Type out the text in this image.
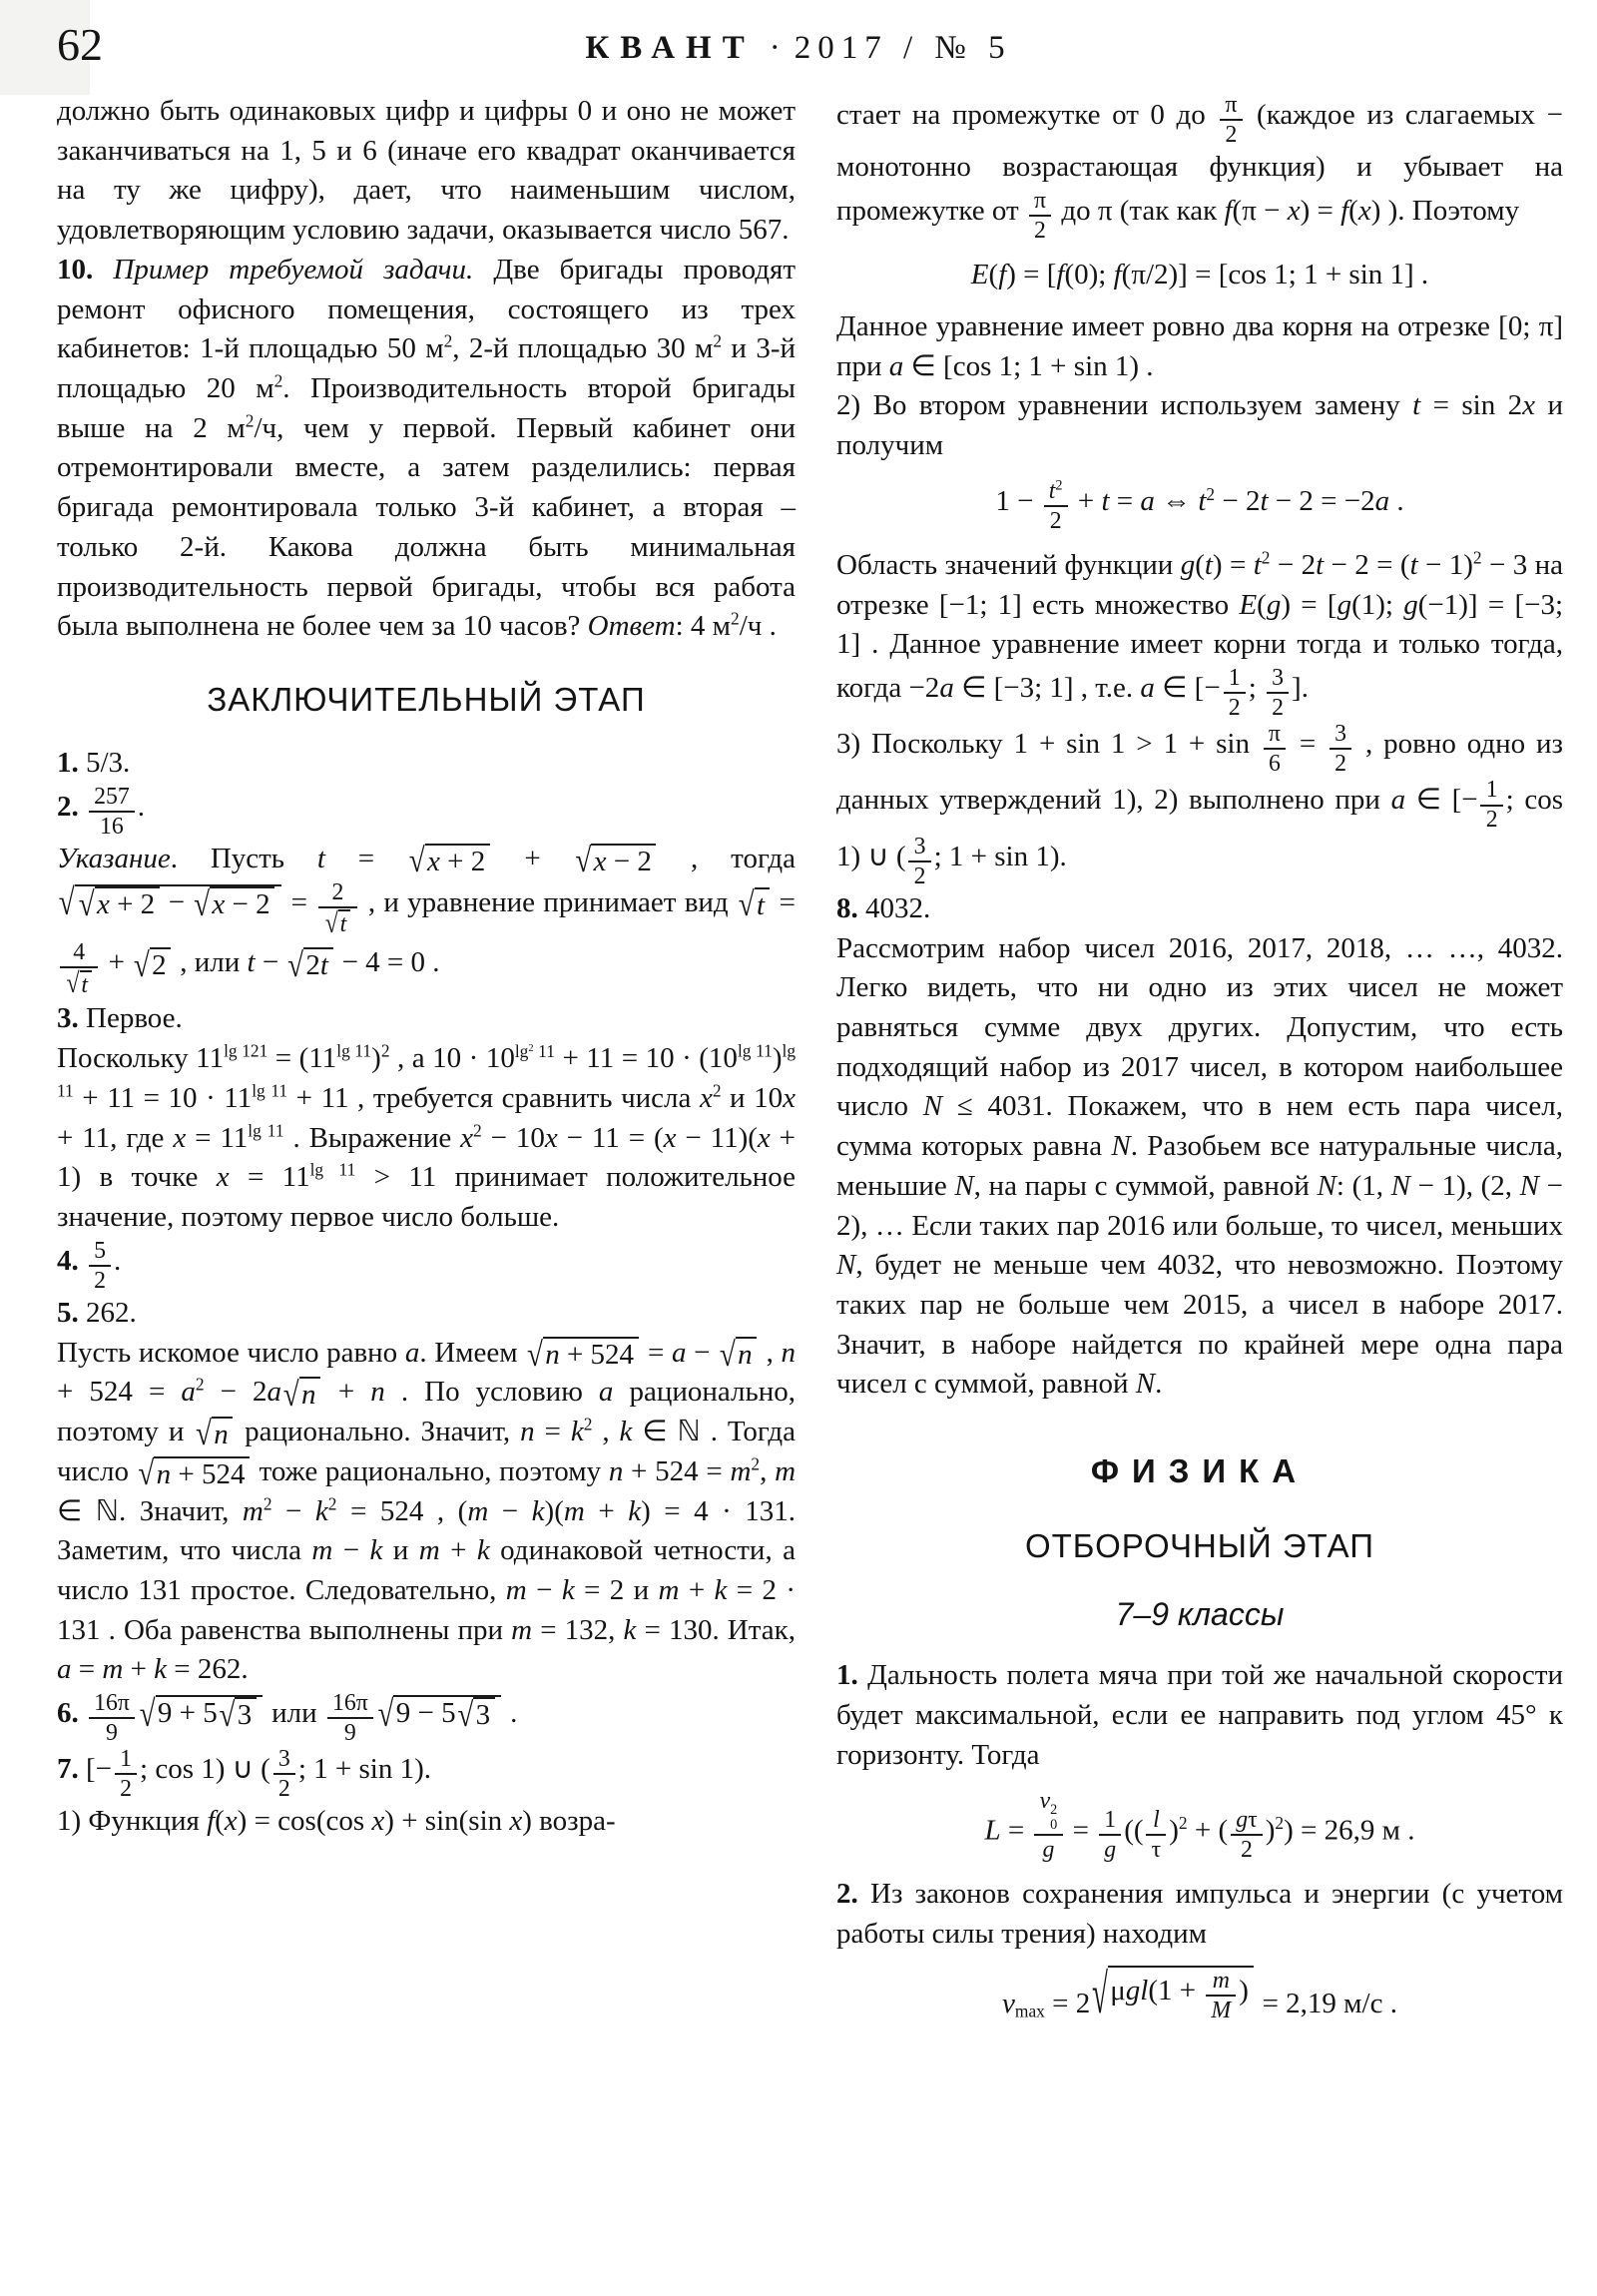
62	КВАНТ · 2017 / № 5
должно быть одинаковых цифр и цифры 0 и оно не может заканчиваться на 1, 5 и 6 (иначе его квадрат оканчивается на ту же цифру), дает, что наименьшим числом, удовлетворяющим условию задачи, оказывается число 567.
10. Пример требуемой задачи. Две бригады проводят ремонт офисного помещения, состоящего из трех кабинетов: 1-й площадью 50 $м^2$, 2-й площадью 30 $м^2$ и 3-й площадью 20 $м^2$. Производительность второй бригады выше на 2 $м^2/ч$, чем у первой. Первый кабинет они отремонтировали вместе, а затем разделились: первая бригада ремонтировала только 3-й кабинет, а вторая – только 2-й. Какова должна быть минимальная производительность первой бригады, чтобы вся работа была выполнена не более чем за 10 часов? Ответ: 4 $м^2/ч$ .
ЗАКЛЮЧИТЕЛЬНЫЙ ЭТАП
1. 5/3.
2. $\frac{257}{16}$ .
Указание. Пусть t = √ x + 2 + √ x − 2 , тогда
√ √ x + 2 − √ $x - 2 = \frac{2}{√ t}$ , и уравнение принимает вид √ t =
$\frac{4}{√ t}$ + √ 2 , или t − √ 2t − 4 = 0 .
3. Первое.
Поскольку $11^{lg 121} = (11^{lg 11})^2$ , а $10 \cdot 10^{lg^2 11} + 11 = 10 \cdot (10^{lg 11})^{lg 11} + 11 = 10 \cdot 11^{lg 11} + 11$ , требуется сравнить числа $x^2$ и 10x + 11, где $x = 11^{lg 11}$ . Выражение $x^2 - 10x - 11 = (x - 11)(x + 1)$ в точке $x = 11^{lg 11} > 11$ принимает положительное значение, поэтому первое число больше.
4. $\frac{5}{2}$ .
5. 262.
Пусть искомое число равно a. Имеем √ n + 524 = a − √ n , $n + 524 = a^2 - 2a$ √ n + n . По условию a рационально, поэтому и √ n рационально. Значит, $n = k^2$ , k ∈ ℕ . Тогда число √ n + 524 тоже рационально, поэтому $n + 524 = m^2$, m ∈ ℕ. Значит, $m^2 - k^2 = 524$ , (m − k)(m + k) = 4 · 131. Заметим, что числа m − k и m + k одинаковой четности, а число 131 простое. Следовательно, m − k = 2 и m + k = 2 · 131 . Оба равенства выполнены при m = 132, k = 130. Итак, a = m + k = 262.
6. $\frac{16\pi}{9}$ √ 9 + 5 √ 3 или $\frac{16\pi}{9}$ √ 9 − 5 √ 3 .
7. [− $\frac{1}{2}$ ; cos 1) ∪ ( $\frac{3}{2}$ ; 1 + sin 1).
1) Функция f(x) = cos(cos x) + sin(sin x) возра-
стает на промежутке от 0 до $\frac{\pi}{2}$ (каждое из слагаемых − монотонно возрастающая функция) и убывает на промежутке от $\frac{\pi}{2}$ до π (так как f(π − x) = f(x) ). Поэтому
E(f) = [f(0); f(π/2)] = [cos 1; 1 + sin 1] .
Данное уравнение имеет ровно два корня на отрезке [0; π] при a ∈ [cos 1; 1 + sin 1) .
2) Во втором уравнении используем замену t = sin 2x и получим
$1 - \frac{t^2}{2} + t = a$ ⇔ $t^2 - 2t - 2 = -2a$ .
Область значений функции $g(t) = t^2 - 2t - 2 = (t - 1)^2 - 3$ на отрезке [−1; 1] есть множество E(g) = [g(1); g(−1)] = [−3; 1] . Данное уравнение имеет корни тогда и только тогда, когда −2a ∈ [−3; 1] , т.е. a ∈ [− $\frac{1}{2}$ ; $\frac{3}{2}$ ].
3) Поскольку $1 + \sin 1 > 1 + \sin \frac{\pi}{6} = \frac{3}{2}$ , ровно одно из данных утверждений 1), 2) выполнено при a ∈ [− $\frac{1}{2}$ ; cos 1) ∪ ( $\frac{3}{2}$ ; 1 + sin 1).
8. 4032.
Рассмотрим набор чисел 2016, 2017, 2018, … …, 4032. Легко видеть, что ни одно из этих чисел не может равняться сумме двух других. Допустим, что есть подходящий набор из 2017 чисел, в котором наибольшее число N ≤ 4031. Покажем, что в нем есть пара чисел, сумма которых равна N. Разобьем все натуральные числа, меньшие N, на пары с суммой, равной N: (1, N − 1), (2, N − 2), … Если таких пар 2016 или больше, то чисел, меньших N, будет не меньше чем 4032, что невозможно. Поэтому таких пар не больше чем 2015, а чисел в наборе 2017. Значит, в наборе найдется по крайней мере одна пара чисел с суммой, равной N.
ФИЗИКА
ОТБОРОЧНЫЙ ЭТАП
7–9 классы
1. Дальность полета мяча при той же начальной скорости будет максимальной, если ее направить под углом 45° к горизонту. Тогда
L = v 2
0
$g = \frac{1}{g}$ (( $\frac{l}{\tau} )^2$ + ( $\frac{g\tau}{2} )^2) = 26,9$ м .
2. Из законов сохранения импульса и энергии (с учетом работы силы трения) находим
$v_{max} = 2$ √ $\mu gl(1 + \frac{m}{M}$ ) = 2,19 м/с .
